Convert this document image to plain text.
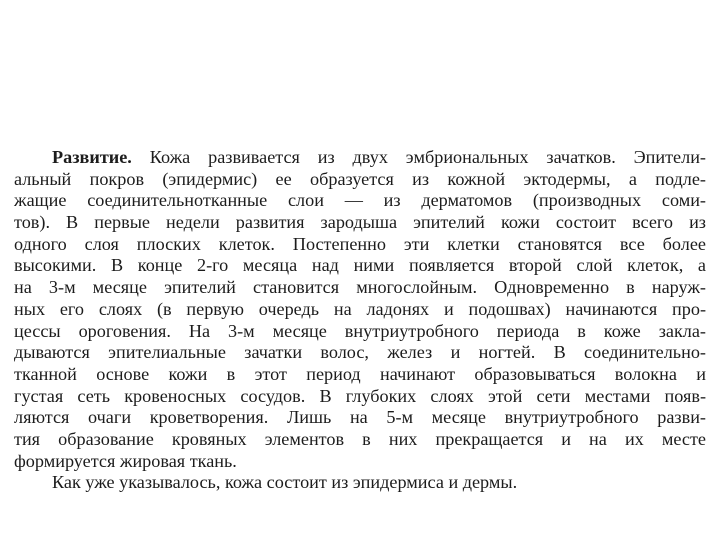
Развитие. Кожа развивается из двух эмбриональных зачатков. Эпители-
альный покров (эпидермис) ее образуется из кожной эктодермы, а подле-
жащие соединительнотканные слои — из дерматомов (производных соми-
тов). В первые недели развития зародыша эпителий кожи состоит всего из
одного слоя плоских клеток. Постепенно эти клетки становятся все более
высокими. В конце 2-го месяца над ними появляется второй слой клеток, а
на 3-м месяце эпителий становится многослойным. Одновременно в наруж-
ных его слоях (в первую очередь на ладонях и подошвах) начинаются про-
цессы ороговения. На 3-м месяце внутриутробного периода в коже закла-
дываются эпителиальные зачатки волос, желез и ногтей. В соединительно-
тканной основе кожи в этот период начинают образовываться волокна и
густая сеть кровеносных сосудов. В глубоких слоях этой сети местами появ-
ляются очаги кроветворения. Лишь на 5-м месяце внутриутробного разви-
тия образование кровяных элементов в них прекращается и на их месте
формируется жировая ткань.
Как уже указывалось, кожа состоит из эпидермиса и дермы.
